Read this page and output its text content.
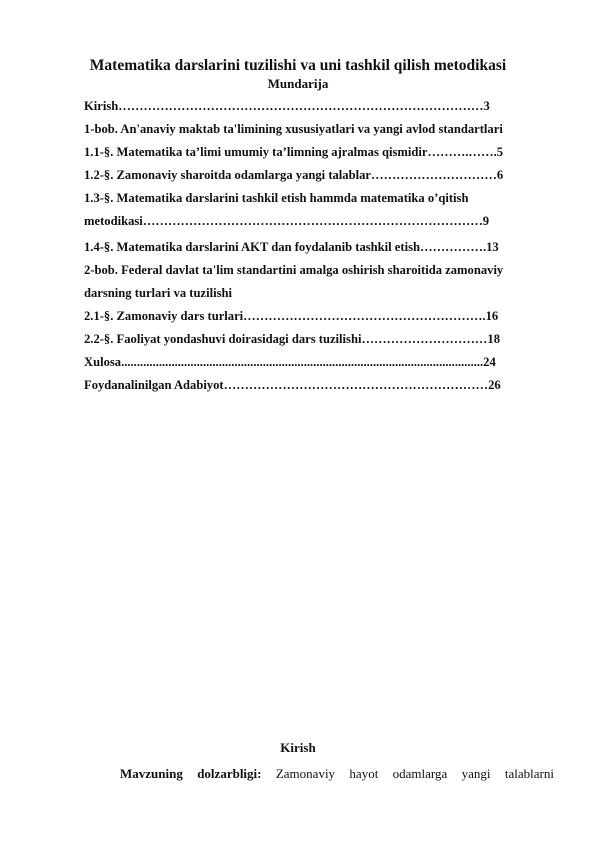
Matematika darslarini tuzilishi va uni tashkil qilish metodikasi
Mundarija
Kirish……………………………………………………………………………3
1-bob. An'anaviy maktab ta'limining xususiyatlari va yangi avlod standartlari
1.1-§. Matematika ta’limi umumiy ta’limning ajralmas qismidir……….…….5
1.2-§. Zamonaviy sharoitda odamlarga yangi talablar…………………………6
1.3-§. Matematika darslarini tashkil etish hammda matematika o’qitish
metodikasi………………………………………………………………………9
1.4-§. Matematika darslarini AKT dan foydalanib tashkil etish…………….13
2-bob. Federal davlat ta'lim standartini amalga oshirish sharoitida zamonaviy
darsning turlari va tuzilishi
2.1-§. Zamonaviy dars turlari………………………………………………….16
2.2-§. Faoliyat yondashuvi doirasidagi dars tuzilishi…………………………18
Xulosa...................................................................................................................24
Foydanalinilgan Adabiyot………………………………………………………26
Kirish
Mavzuning dolzarbligi: Zamonaviy hayot odamlarga yangi talablarni
